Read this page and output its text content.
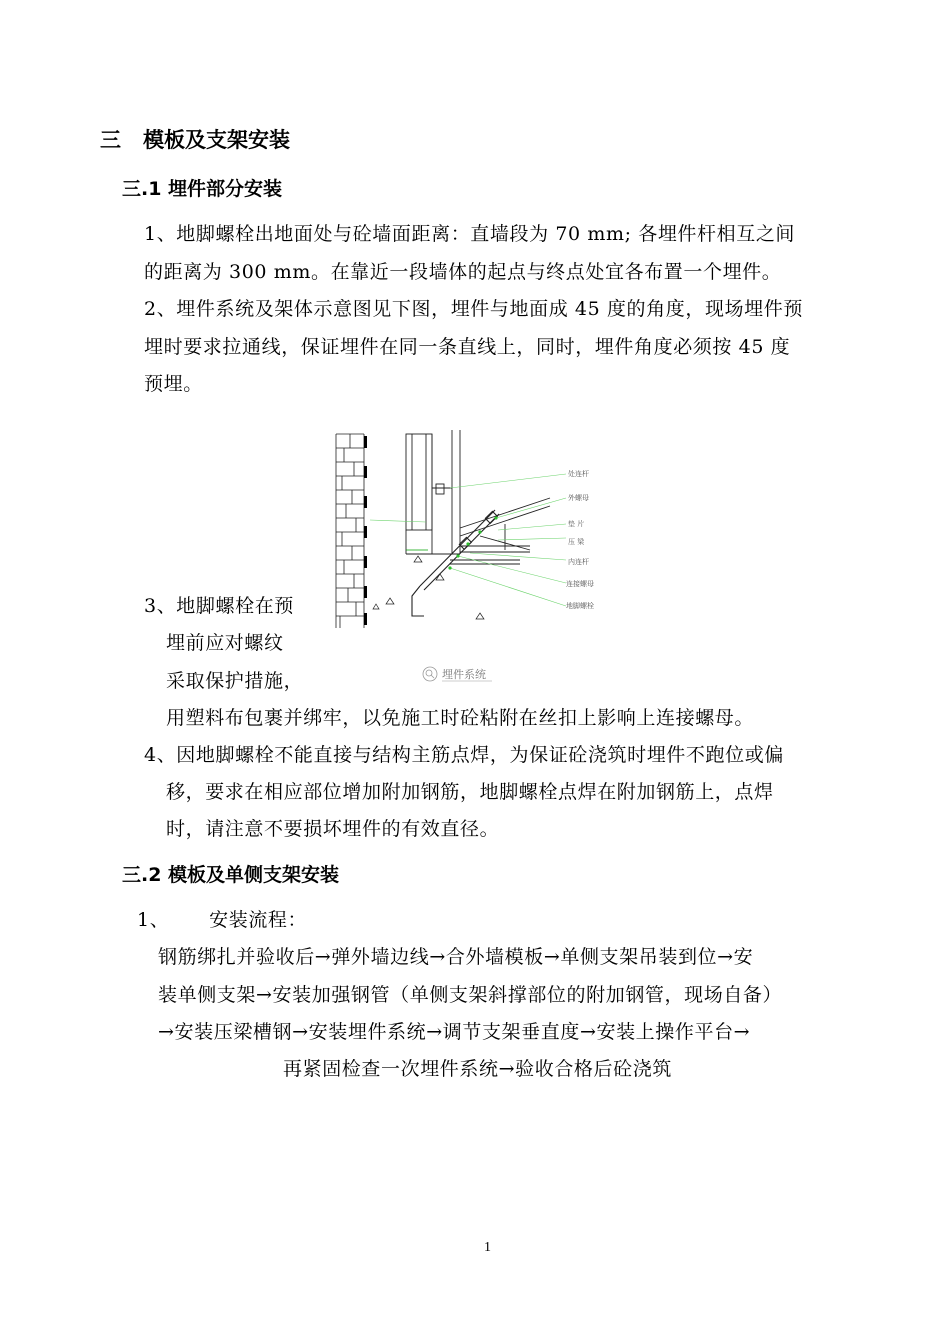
三 模板及支架安装
三.1 埋件部分安装
1、地脚螺栓出地面处与砼墙面距离：直墙段为 70 mm; 各埋件杆相互之间
的距离为 300 mm。在靠近一段墙体的起点与终点处宜各布置一个埋件。
2、埋件系统及架体示意图见下图，埋件与地面成 45 度的角度，现场埋件预
埋时要求拉通线，保证埋件在同一条直线上，同时，埋件角度必须按 45 度
预埋。
处连杆
外螺母
垫 片
压 梁
内连杆
连接螺母
地脚螺栓
埋件系统
3、地脚螺栓在预
埋前应对螺纹
采取保护措施，
用塑料布包裹并绑牢，以免施工时砼粘附在丝扣上影响上连接螺母。
4、因地脚螺栓不能直接与结构主筋点焊，为保证砼浇筑时埋件不跑位或偏
移，要求在相应部位增加附加钢筋，地脚螺栓点焊在附加钢筋上，点焊
时，请注意不要损坏埋件的有效直径。
三.2 模板及单侧支架安装
1、      安装流程：
钢筋绑扎并验收后→弹外墙边线→合外墙模板→单侧支架吊装到位→安
装单侧支架→安装加强钢管（单侧支架斜撑部位的附加钢管，现场自备）
→安装压梁槽钢→安装埋件系统→调节支架垂直度→安装上操作平台→
再紧固检查一次埋件系统→验收合格后砼浇筑
1
